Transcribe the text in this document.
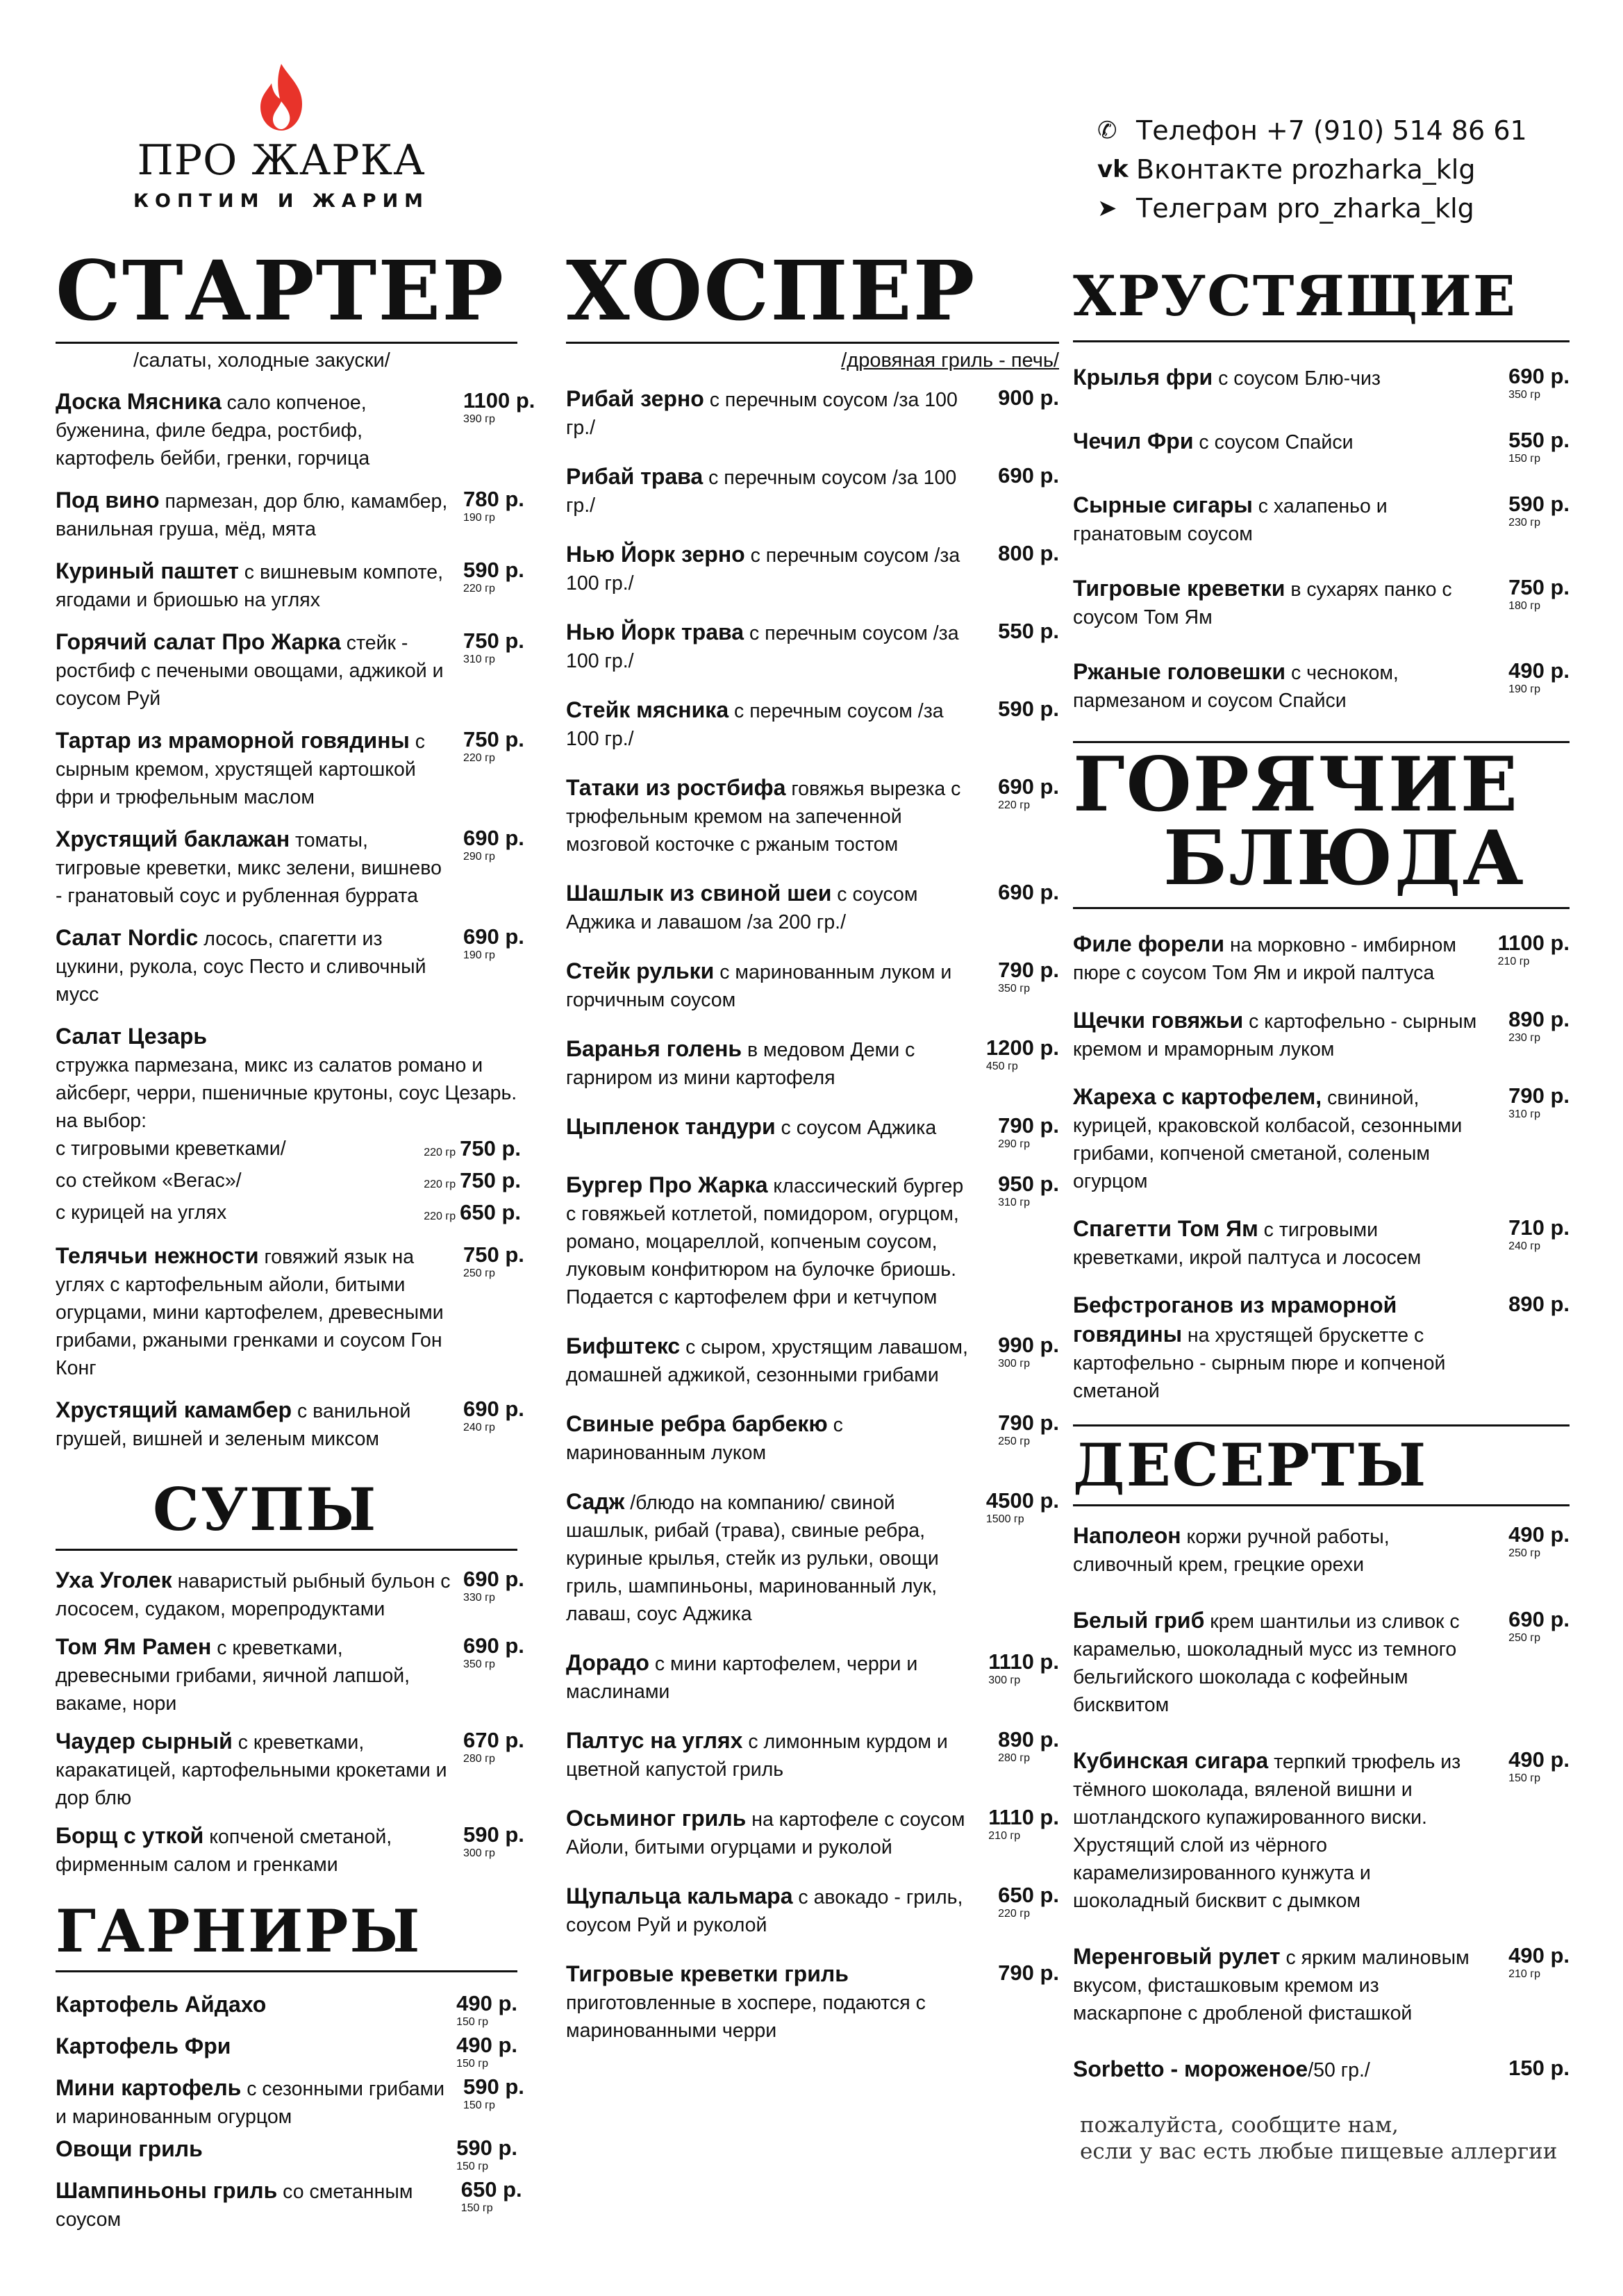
ПРО ЖАРКА
КОПТИМ И ЖАРИМ
✆ Телефон +7 (910) 514 86 61
vk Вконтакте prozharka_klg
➤ Телеграм pro_zharka_klg
СТАРТЕР
/салаты, холодные закуски/
Доска Мясника сало копченое, буженина, филе бедра, ростбиф, картофель бейби, гренки, горчица
1100 р.
390 гр
Под вино пармезан, дор блю, камамбер, ванильная груша, мёд, мята
780 р.
190 гр
Куриный паштет с вишневым компоте, ягодами и бриошью на углях
590 р.
220 гр
Горячий салат Про Жарка стейк - ростбиф с печеными овощами, аджикой и соусом Руй
750 р.
310 гр
Тартар из мраморной говядины с сырным кремом, хрустящей картошкой фри и трюфельным маслом
750 р.
220 гр
Хрустящий баклажан томаты, тигровые креветки, микс зелени, вишнево - гранатовый соус и рубленная буррата
690 р.
290 гр
Салат Nordic лосось, спагетти из цукини, рукола, соус Песто и сливочный мусс
690 р.
190 гр
Салат Цезарь
стружка пармезана, микс из салатов романо и айсберг, черри, пшеничные крутоны, соус Цезарь.
на выбор:
с тигровыми креветками/	220 гр 750 р.
со стейком «Вегас»/	220 гр 750 р.
с курицей на углях	220 гр 650 р.
Телячьи нежности говяжий язык на углях с картофельным айоли, битыми огурцами, мини картофелем, древесными грибами, ржаными гренками и соусом Гон Конг
750 р.
250 гр
Хрустящий камамбер с ванильной грушей, вишней и зеленым миксом
690 р.
240 гр
СУПЫ
Уха Уголек наваристый рыбный бульон с лососем, судаком, морепродуктами
690 р.
330 гр
Том Ям Рамен с креветками, древесными грибами, яичной лапшой, вакаме, нори
690 р.
350 гр
Чаудер сырный с креветками, каракатицей, картофельными крокетами и дор блю
670 р.
280 гр
Борщ с уткой копченой сметаной, фирменным салом и гренками
590 р.
300 гр
ГАРНИРЫ
Картофель Айдахо	490 р.
150 гр
Картофель Фри	490 р.
150 гр
Мини картофель с сезонными грибами и маринованным огурцом
590 р.
150 гр
Овощи гриль	590 р.
150 гр
Шампиньоны гриль со сметанным соусом
650 р.
150 гр
ХОСПЕР
/дровяная гриль - печь/
Рибай зерно с перечным соусом /за 100 гр./
900 р.
Рибай трава с перечным соусом /за 100 гр./
690 р.
Нью Йорк зерно с перечным соусом /за 100 гр./
800 р.
Нью Йорк трава с перечным соусом /за 100 гр./
550 р.
Стейк мясника с перечным соусом /за 100 гр./
590 р.
Татаки из ростбифа говяжья вырезка с трюфельным кремом на запеченной мозговой косточке с ржаным тостом
690 р.
220 гр
Шашлык из свиной шеи с соусом Аджика и лавашом /за 200 гр./
690 р.
Стейк рульки с маринованным луком и горчичным соусом
790 р.
350 гр
Баранья голень в медовом Деми с гарниром из мини картофеля
1200 р.
450 гр
Цыпленок тандури с соусом Аджика	790 р.
290 гр
Бургер Про Жарка классический бургер с говяжьей котлетой, помидором, огурцом, романо, моцареллой, копченым соусом, луковым конфитюром на булочке бриошь. Подается с картофелем фри и кетчупом
950 р.
310 гр
Бифштекс с сыром, хрустящим лавашом, домашней аджикой, сезонными грибами
990 р.
300 гр
Свиные ребра барбекю с маринованным луком
790 р.
250 гр
Садж /блюдо на компанию/ свиной шашлык, рибай (трава), свиные ребра, куриные крылья, стейк из рульки, овощи гриль, шампиньоны, маринованный лук, лаваш, соус Аджика
4500 р.
1500 гр
Дорадо с мини картофелем, черри и маслинами
1110 р.
300 гр
Палтус на углях с лимонным курдом и цветной капустой гриль
890 р.
280 гр
Осьминог гриль на картофеле с соусом Айоли, битыми огурцами и руколой
1110 р.
210 гр
Щупальца кальмара с авокадо - гриль, соусом Руй и руколой
650 р.
220 гр
Тигровые креветки гриль приготовленные в хоспере, подаются с маринованными черри
790 р.
ХРУСТЯЩИЕ
Крылья фри с соусом Блю-чиз	690 р.
350 гр
Чечил Фри с соусом Спайси	550 р.
150 гр
Сырные сигары с халапеньо и гранатовым соусом
590 р.
230 гр
Тигровые креветки в сухарях панко с соусом Том Ям
750 р.
180 гр
Ржаные головешки с чесноком, пармезаном и соусом Спайси
490 р.
190 гр
ГОРЯЧИЕ
БЛЮДА
Филе форели на морковно - имбирном пюре с соусом Том Ям и икрой палтуса
1100 р.
210 гр
Щечки говяжьи с картофельно - сырным кремом и мраморным луком
890 р.
230 гр
Жареха с картофелем, свининой, курицей, краковской колбасой, сезонными грибами, копченой сметаной, соленым огурцом
790 р.
310 гр
Спагетти Том Ям с тигровыми креветками, икрой палтуса и лососем
710 р.
240 гр
Бефстроганов из мраморной говядины на хрустящей брускетте с картофельно - сырным пюре и копченой сметаной
890 р.
ДЕСЕРТЫ
Наполеон коржи ручной работы, сливочный крем, грецкие орехи
490 р.
250 гр
Белый гриб крем шантильи из сливок с карамелью, шоколадный мусс из темного бельгийского шоколада с кофейным бисквитом
690 р.
250 гр
Кубинская сигара терпкий трюфель из тёмного шоколада, вяленой вишни и шотландского купажированного виски. Хрустящий слой из чёрного карамелизированного кунжута и шоколадный бисквит с дымком
490 р.
150 гр
Меренговый рулет с ярким малиновым вкусом, фисташковым кремом из маскарпоне с дробленой фисташкой
490 р.
210 гр
Sorbetto - мороженое/50 гр./	150 р.
пожалуйста, сообщите нам,
если у вас есть любые пищевые аллергии
